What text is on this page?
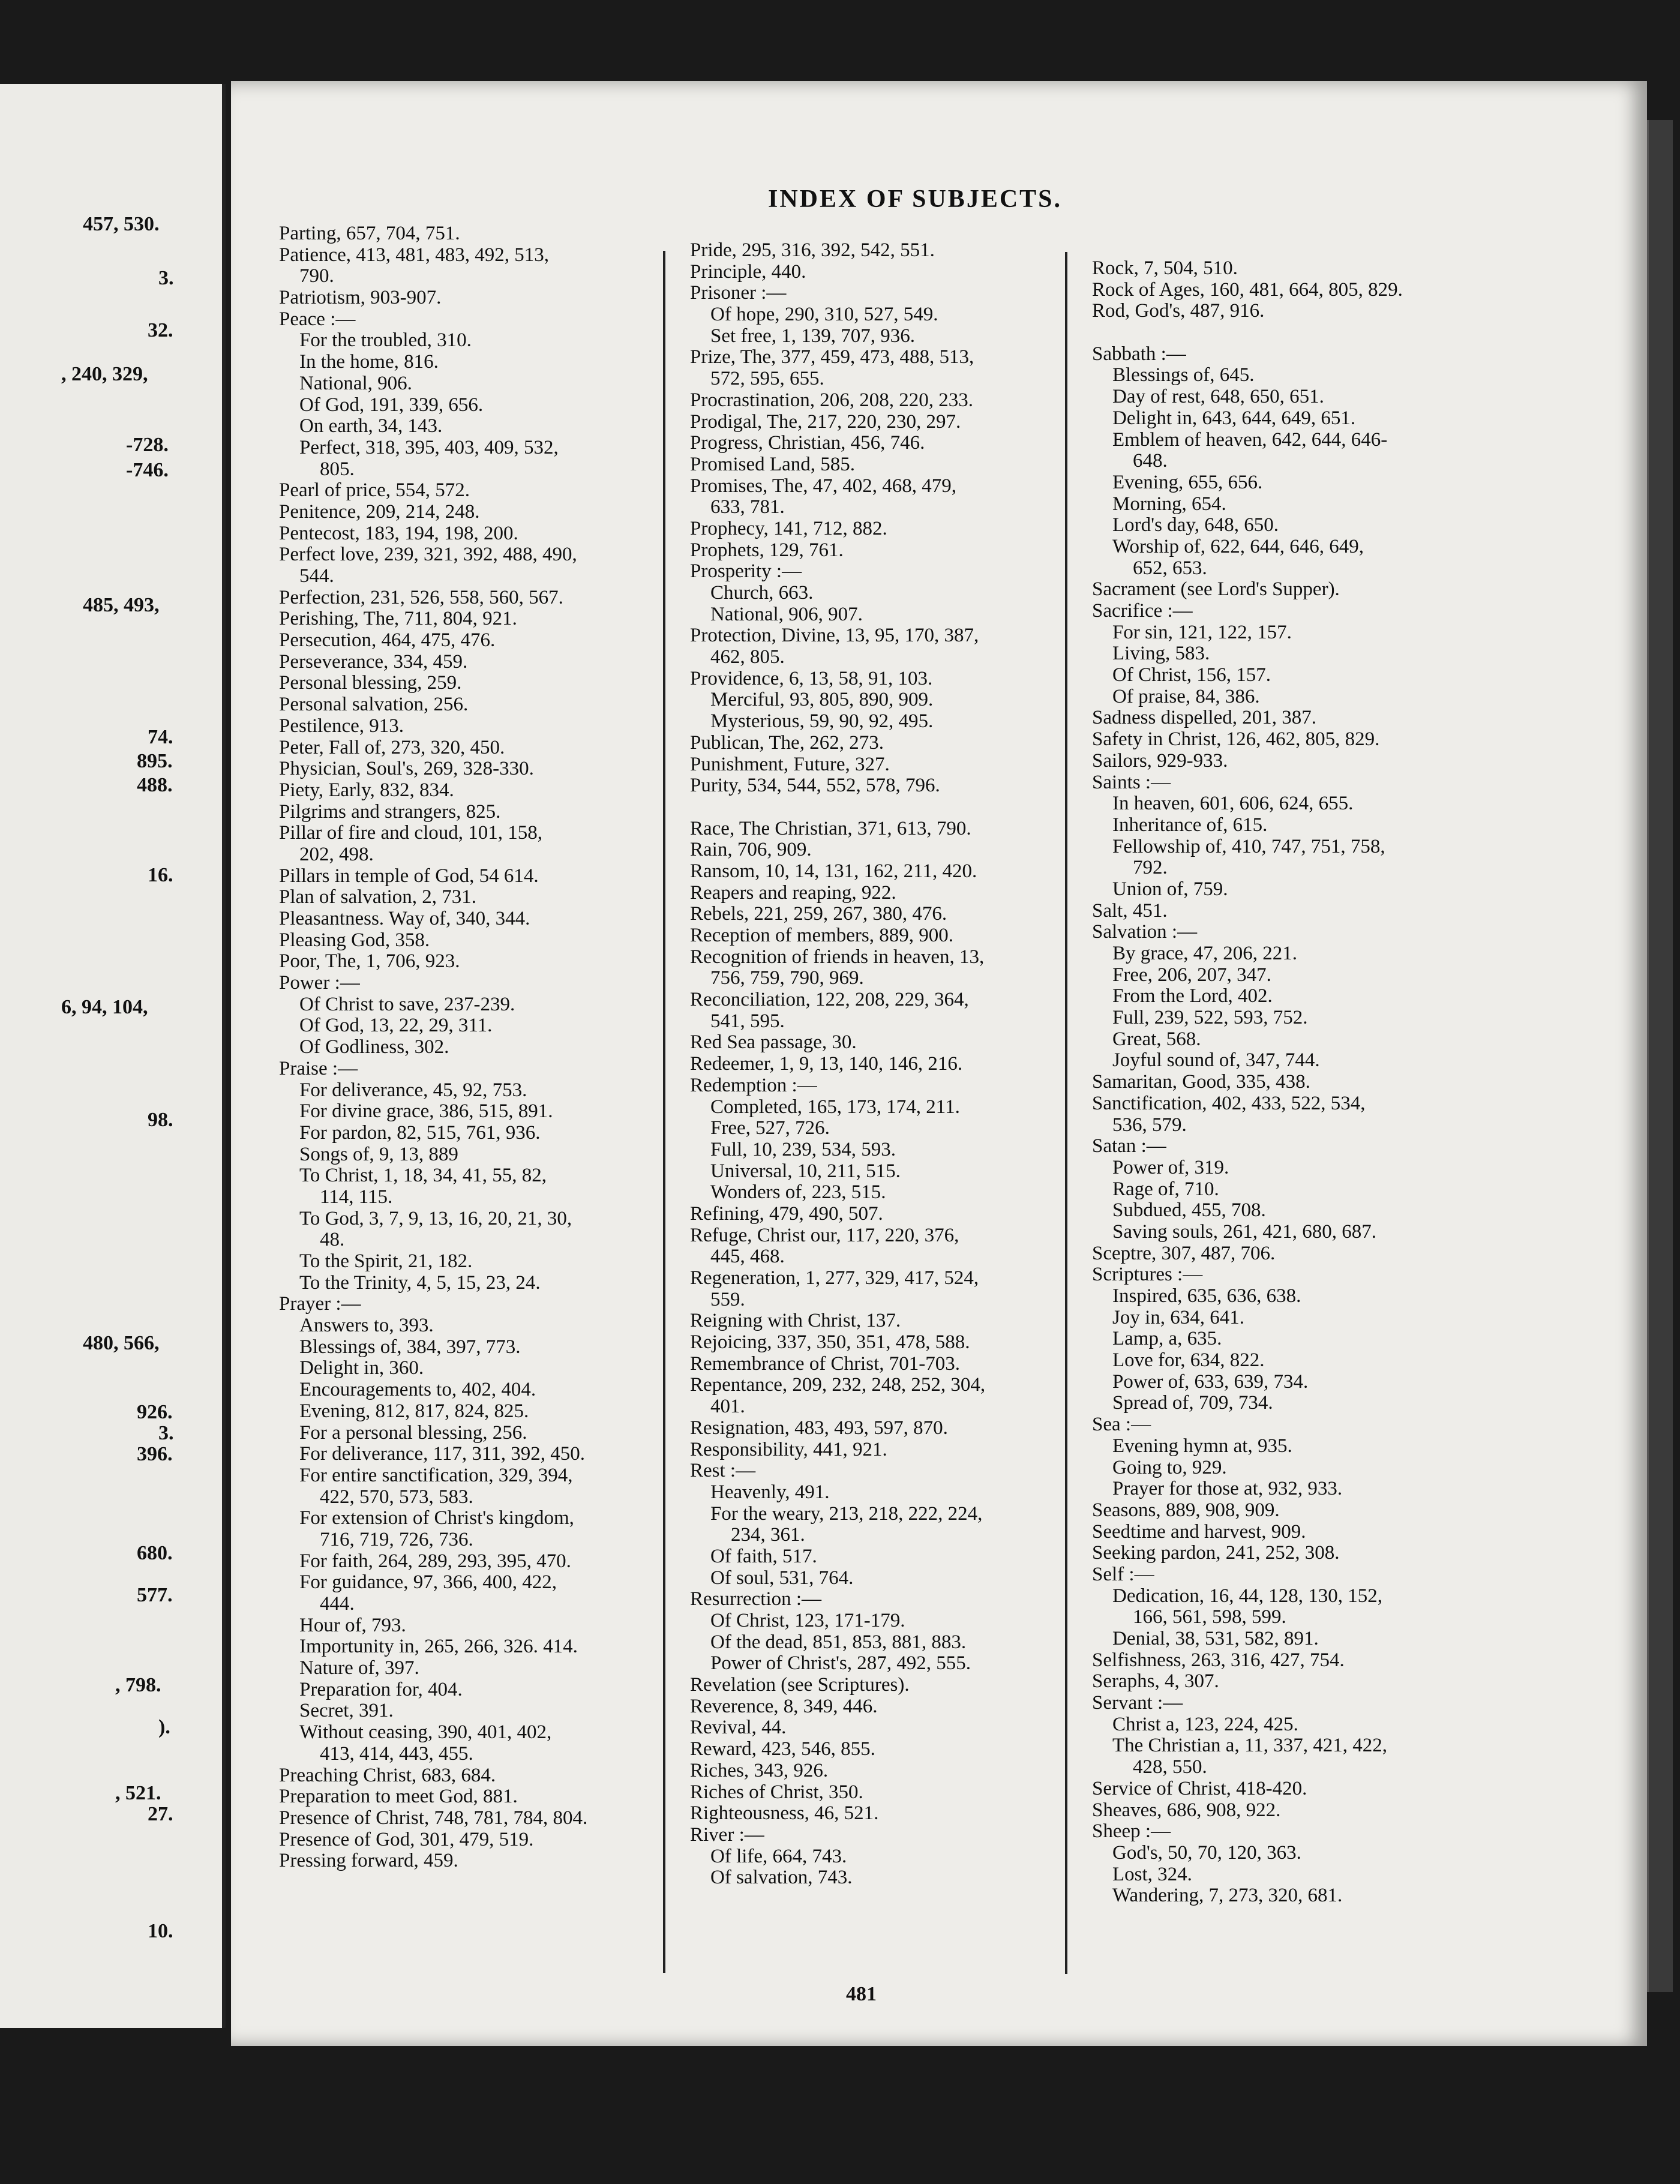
457, 530.
3.
32.
, 240, 329,
-728.
-746.
485, 493,
74.
895.
488.
16.
6, 94, 104,
98.
480, 566,
926.
3.
396.
680.
577.
, 798.
).
, 521.
27.
10.
INDEX OF SUBJECTS.
Parting, 657, 704, 751.
Patience, 413, 481, 483, 492, 513,
790.
Patriotism, 903-907.
Peace :—
For the troubled, 310.
In the home, 816.
National, 906.
Of God, 191, 339, 656.
On earth, 34, 143.
Perfect, 318, 395, 403, 409, 532,
805.
Pearl of price, 554, 572.
Penitence, 209, 214, 248.
Pentecost, 183, 194, 198, 200.
Perfect love, 239, 321, 392, 488, 490,
544.
Perfection, 231, 526, 558, 560, 567.
Perishing, The, 711, 804, 921.
Persecution, 464, 475, 476.
Perseverance, 334, 459.
Personal blessing, 259.
Personal salvation, 256.
Pestilence, 913.
Peter, Fall of, 273, 320, 450.
Physician, Soul's, 269, 328-330.
Piety, Early, 832, 834.
Pilgrims and strangers, 825.
Pillar of fire and cloud, 101, 158,
202, 498.
Pillars in temple of God, 54 614.
Plan of salvation, 2, 731.
Pleasantness. Way of, 340, 344.
Pleasing God, 358.
Poor, The, 1, 706, 923.
Power :—
Of Christ to save, 237-239.
Of God, 13, 22, 29, 311.
Of Godliness, 302.
Praise :—
For deliverance, 45, 92, 753.
For divine grace, 386, 515, 891.
For pardon, 82, 515, 761, 936.
Songs of, 9, 13, 889
To Christ, 1, 18, 34, 41, 55, 82,
114, 115.
To God, 3, 7, 9, 13, 16, 20, 21, 30,
48.
To the Spirit, 21, 182.
To the Trinity, 4, 5, 15, 23, 24.
Prayer :—
Answers to, 393.
Blessings of, 384, 397, 773.
Delight in, 360.
Encouragements to, 402, 404.
Evening, 812, 817, 824, 825.
For a personal blessing, 256.
For deliverance, 117, 311, 392, 450.
For entire sanctification, 329, 394,
422, 570, 573, 583.
For extension of Christ's kingdom,
716, 719, 726, 736.
For faith, 264, 289, 293, 395, 470.
For guidance, 97, 366, 400, 422,
444.
Hour of, 793.
Importunity in, 265, 266, 326. 414.
Nature of, 397.
Preparation for, 404.
Secret, 391.
Without ceasing, 390, 401, 402,
413, 414, 443, 455.
Preaching Christ, 683, 684.
Preparation to meet God, 881.
Presence of Christ, 748, 781, 784, 804.
Presence of God, 301, 479, 519.
Pressing forward, 459.
Pride, 295, 316, 392, 542, 551.
Principle, 440.
Prisoner :—
Of hope, 290, 310, 527, 549.
Set free, 1, 139, 707, 936.
Prize, The, 377, 459, 473, 488, 513,
572, 595, 655.
Procrastination, 206, 208, 220, 233.
Prodigal, The, 217, 220, 230, 297.
Progress, Christian, 456, 746.
Promised Land, 585.
Promises, The, 47, 402, 468, 479,
633, 781.
Prophecy, 141, 712, 882.
Prophets, 129, 761.
Prosperity :—
Church, 663.
National, 906, 907.
Protection, Divine, 13, 95, 170, 387,
462, 805.
Providence, 6, 13, 58, 91, 103.
Merciful, 93, 805, 890, 909.
Mysterious, 59, 90, 92, 495.
Publican, The, 262, 273.
Punishment, Future, 327.
Purity, 534, 544, 552, 578, 796.
Race, The Christian, 371, 613, 790.
Rain, 706, 909.
Ransom, 10, 14, 131, 162, 211, 420.
Reapers and reaping, 922.
Rebels, 221, 259, 267, 380, 476.
Reception of members, 889, 900.
Recognition of friends in heaven, 13,
756, 759, 790, 969.
Reconciliation, 122, 208, 229, 364,
541, 595.
Red Sea passage, 30.
Redeemer, 1, 9, 13, 140, 146, 216.
Redemption :—
Completed, 165, 173, 174, 211.
Free, 527, 726.
Full, 10, 239, 534, 593.
Universal, 10, 211, 515.
Wonders of, 223, 515.
Refining, 479, 490, 507.
Refuge, Christ our, 117, 220, 376,
445, 468.
Regeneration, 1, 277, 329, 417, 524,
559.
Reigning with Christ, 137.
Rejoicing, 337, 350, 351, 478, 588.
Remembrance of Christ, 701-703.
Repentance, 209, 232, 248, 252, 304,
401.
Resignation, 483, 493, 597, 870.
Responsibility, 441, 921.
Rest :—
Heavenly, 491.
For the weary, 213, 218, 222, 224,
234, 361.
Of faith, 517.
Of soul, 531, 764.
Resurrection :—
Of Christ, 123, 171-179.
Of the dead, 851, 853, 881, 883.
Power of Christ's, 287, 492, 555.
Revelation (see Scriptures).
Reverence, 8, 349, 446.
Revival, 44.
Reward, 423, 546, 855.
Riches, 343, 926.
Riches of Christ, 350.
Righteousness, 46, 521.
River :—
Of life, 664, 743.
Of salvation, 743.
Rock, 7, 504, 510.
Rock of Ages, 160, 481, 664, 805, 829.
Rod, God's, 487, 916.
Sabbath :—
Blessings of, 645.
Day of rest, 648, 650, 651.
Delight in, 643, 644, 649, 651.
Emblem of heaven, 642, 644, 646-
648.
Evening, 655, 656.
Morning, 654.
Lord's day, 648, 650.
Worship of, 622, 644, 646, 649,
652, 653.
Sacrament (see Lord's Supper).
Sacrifice :—
For sin, 121, 122, 157.
Living, 583.
Of Christ, 156, 157.
Of praise, 84, 386.
Sadness dispelled, 201, 387.
Safety in Christ, 126, 462, 805, 829.
Sailors, 929-933.
Saints :—
In heaven, 601, 606, 624, 655.
Inheritance of, 615.
Fellowship of, 410, 747, 751, 758,
792.
Union of, 759.
Salt, 451.
Salvation :—
By grace, 47, 206, 221.
Free, 206, 207, 347.
From the Lord, 402.
Full, 239, 522, 593, 752.
Great, 568.
Joyful sound of, 347, 744.
Samaritan, Good, 335, 438.
Sanctification, 402, 433, 522, 534,
536, 579.
Satan :—
Power of, 319.
Rage of, 710.
Subdued, 455, 708.
Saving souls, 261, 421, 680, 687.
Sceptre, 307, 487, 706.
Scriptures :—
Inspired, 635, 636, 638.
Joy in, 634, 641.
Lamp, a, 635.
Love for, 634, 822.
Power of, 633, 639, 734.
Spread of, 709, 734.
Sea :—
Evening hymn at, 935.
Going to, 929.
Prayer for those at, 932, 933.
Seasons, 889, 908, 909.
Seedtime and harvest, 909.
Seeking pardon, 241, 252, 308.
Self :—
Dedication, 16, 44, 128, 130, 152,
166, 561, 598, 599.
Denial, 38, 531, 582, 891.
Selfishness, 263, 316, 427, 754.
Seraphs, 4, 307.
Servant :—
Christ a, 123, 224, 425.
The Christian a, 11, 337, 421, 422,
428, 550.
Service of Christ, 418-420.
Sheaves, 686, 908, 922.
Sheep :—
God's, 50, 70, 120, 363.
Lost, 324.
Wandering, 7, 273, 320, 681.
481
